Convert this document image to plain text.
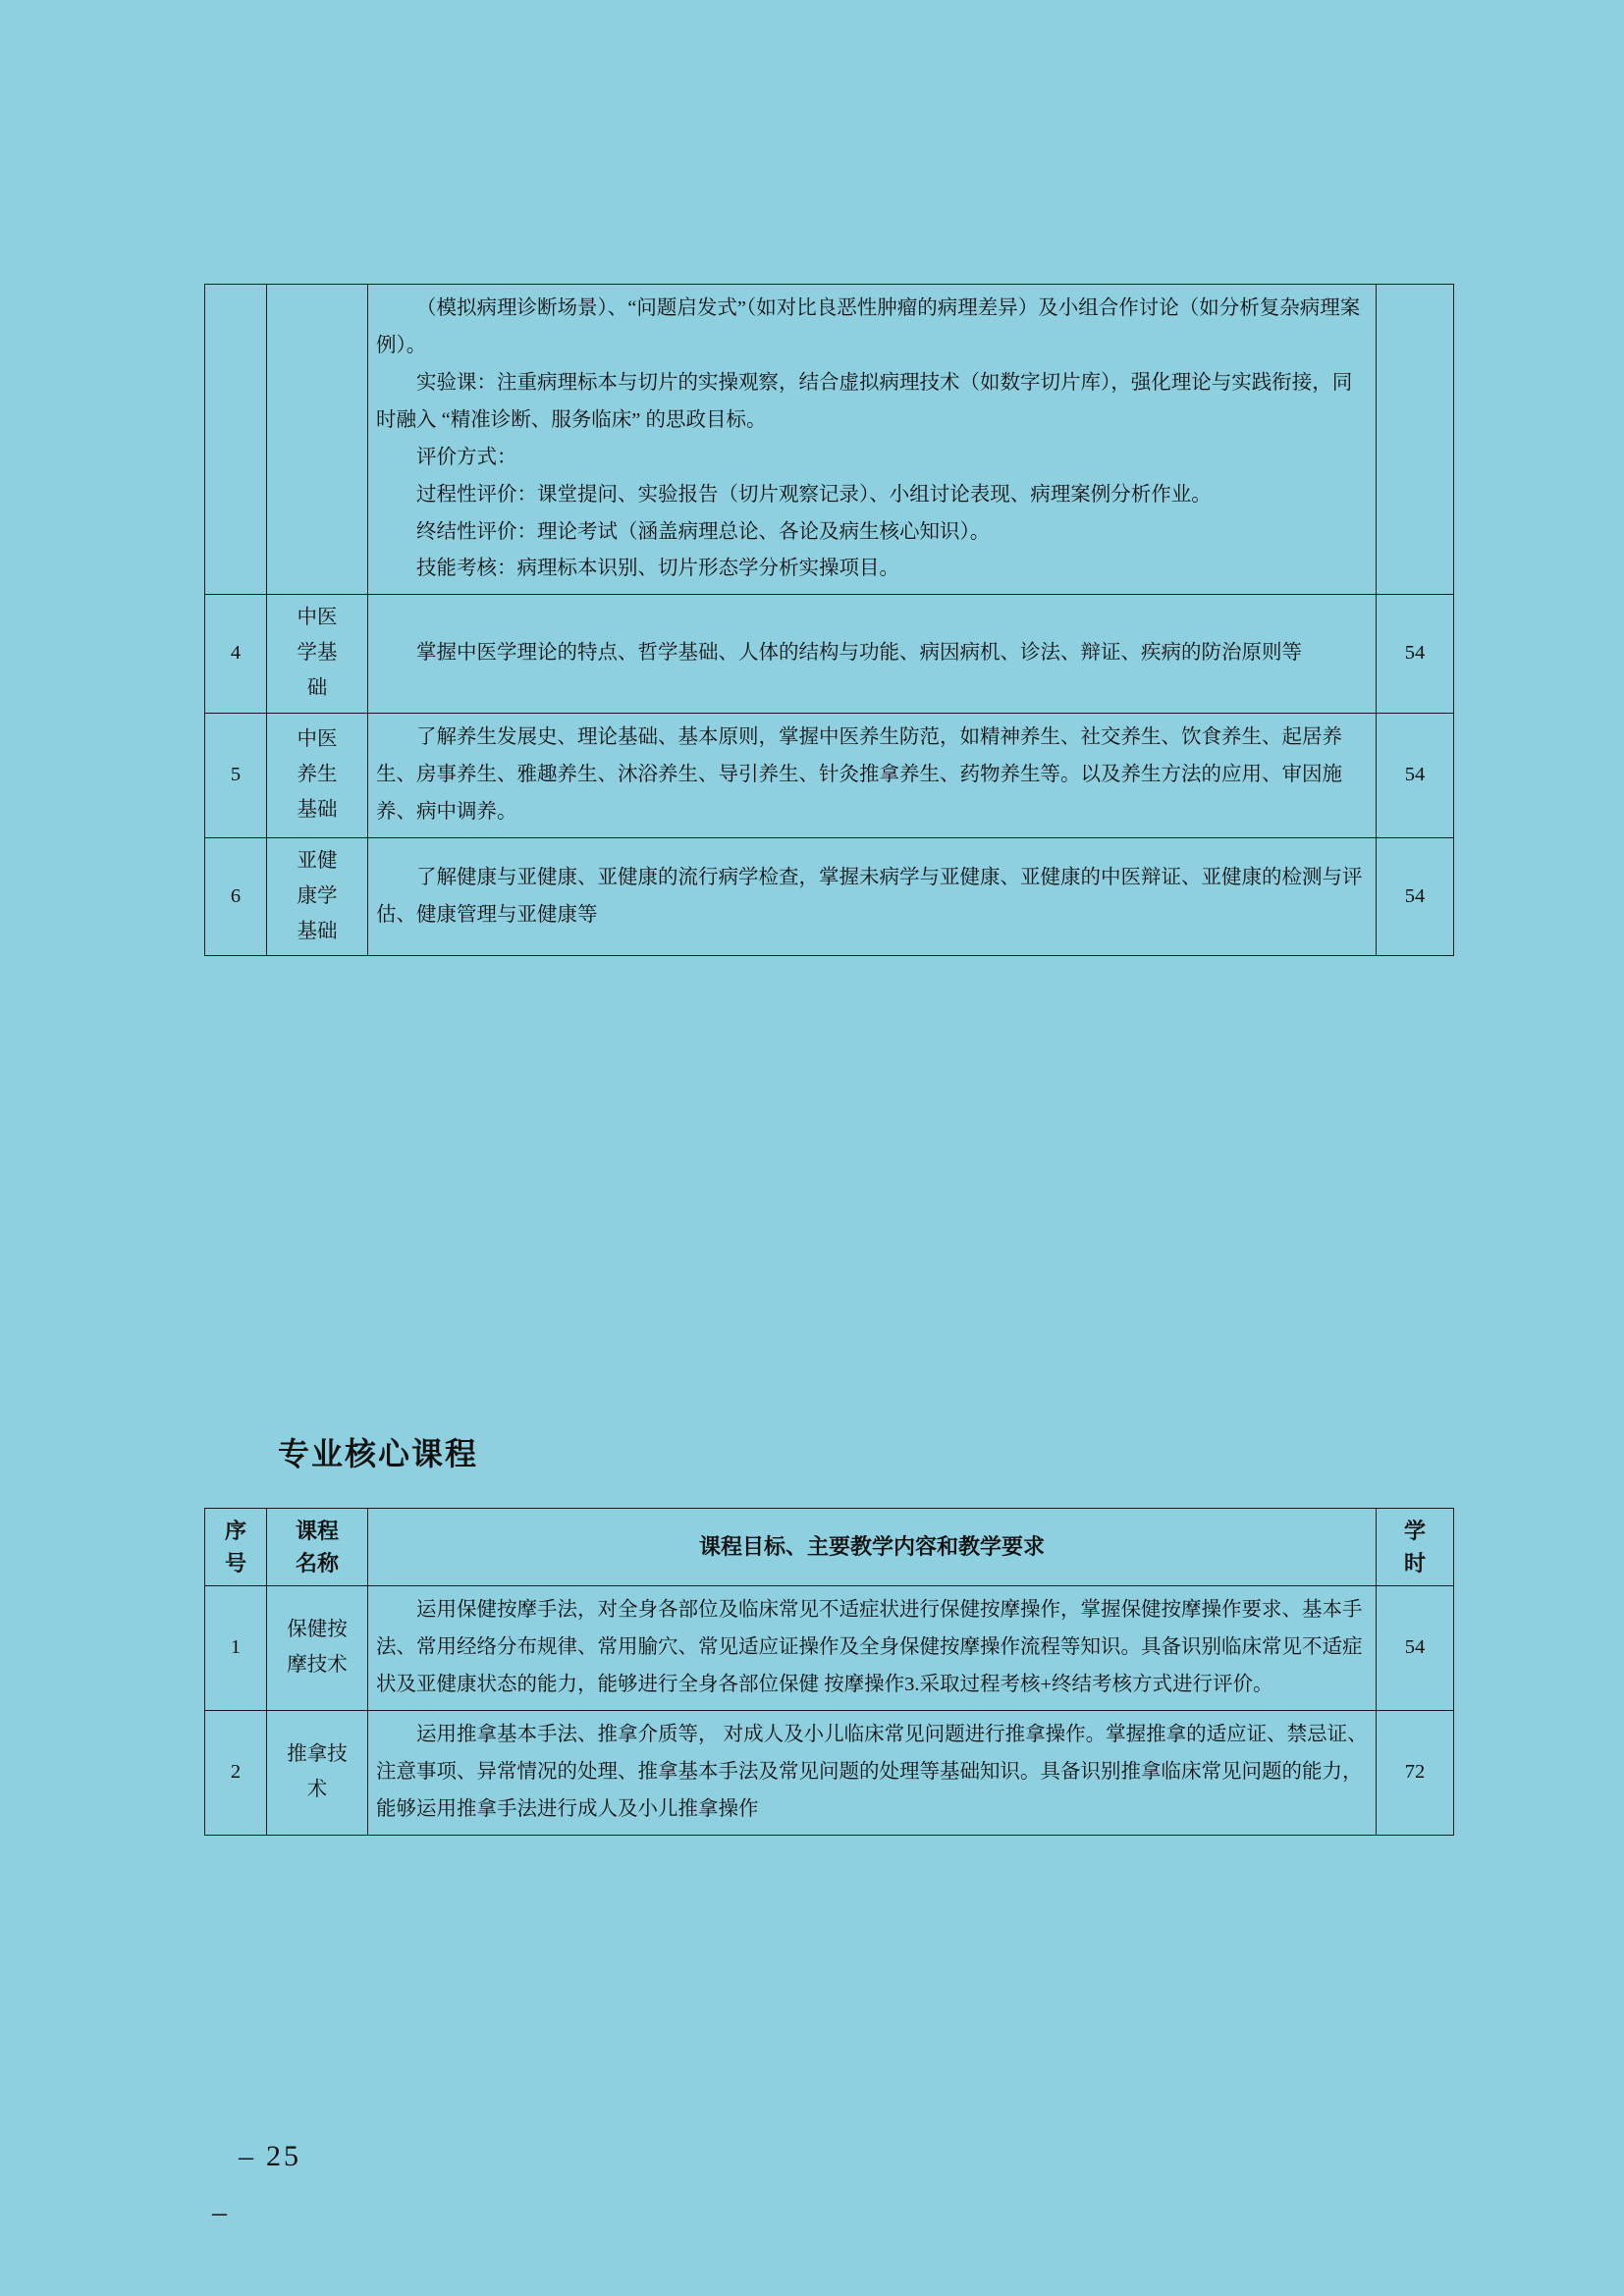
（模拟病理诊断场景）、“问题启发式”（如对比良恶性肿瘤的病理差异）及小组合作讨论（如分析复杂病理案例）。

实验课：注重病理标本与切片的实操观察，结合虚拟病理技术（如数字切片库），强化理论与实践衔接，同时融入 “精准诊断、服务临床” 的思政目标。

评价方式：

过程性评价：课堂提问、实验报告（切片观察记录）、小组讨论表现、病理案例分析作业。

终结性评价：理论考试（涵盖病理总论、各论及病生核心知识）。

技能考核：病理标本识别、切片形态学分析实操项目。

4	中医
学基
础	掌握中医学理论的特点、哲学基础、人体的结构与功能、病因病机、诊法、辩证、疾病的防治原则等	54
5	中医
养生
基础	了解养生发展史、理论基础、基本原则，掌握中医养生防范，如精神养生、社交养生、饮食养生、起居养生、房事养生、雅趣养生、沐浴养生、导引养生、针灸推拿养生、药物养生等。以及养生方法的应用、审因施养、病中调养。	54
6	亚健
康学
基础	了解健康与亚健康、亚健康的流行病学检查，掌握未病学与亚健康、亚健康的中医辩证、亚健康的检测与评估、健康管理与亚健康等	54
专业核心课程
序
号	课程
名称	课程目标、主要教学内容和教学要求	学
时

1	保健按
摩技术	运用保健按摩手法，对全身各部位及临床常见不适症状进行保健按摩操作，掌握保健按摩操作要求、基本手法、常用经络分布规律、常用腧穴、常见适应证操作及全身保健按摩操作流程等知识。具备识别临床常见不适症状及亚健康状态的能力，能够进行全身各部位保健 按摩操作3.采取过程考核+终结考核方式进行评价。	54
2	推拿技
术	运用推拿基本手法、推拿介质等， 对成人及小儿临床常见问题进行推拿操作。掌握推拿的适应证、禁忌证、注意事项、异常情况的处理、推拿基本手法及常见问题的处理等基础知识。具备识别推拿临床常见问题的能力，能够运用推拿手法进行成人及小儿推拿操作	72
– 25
–
